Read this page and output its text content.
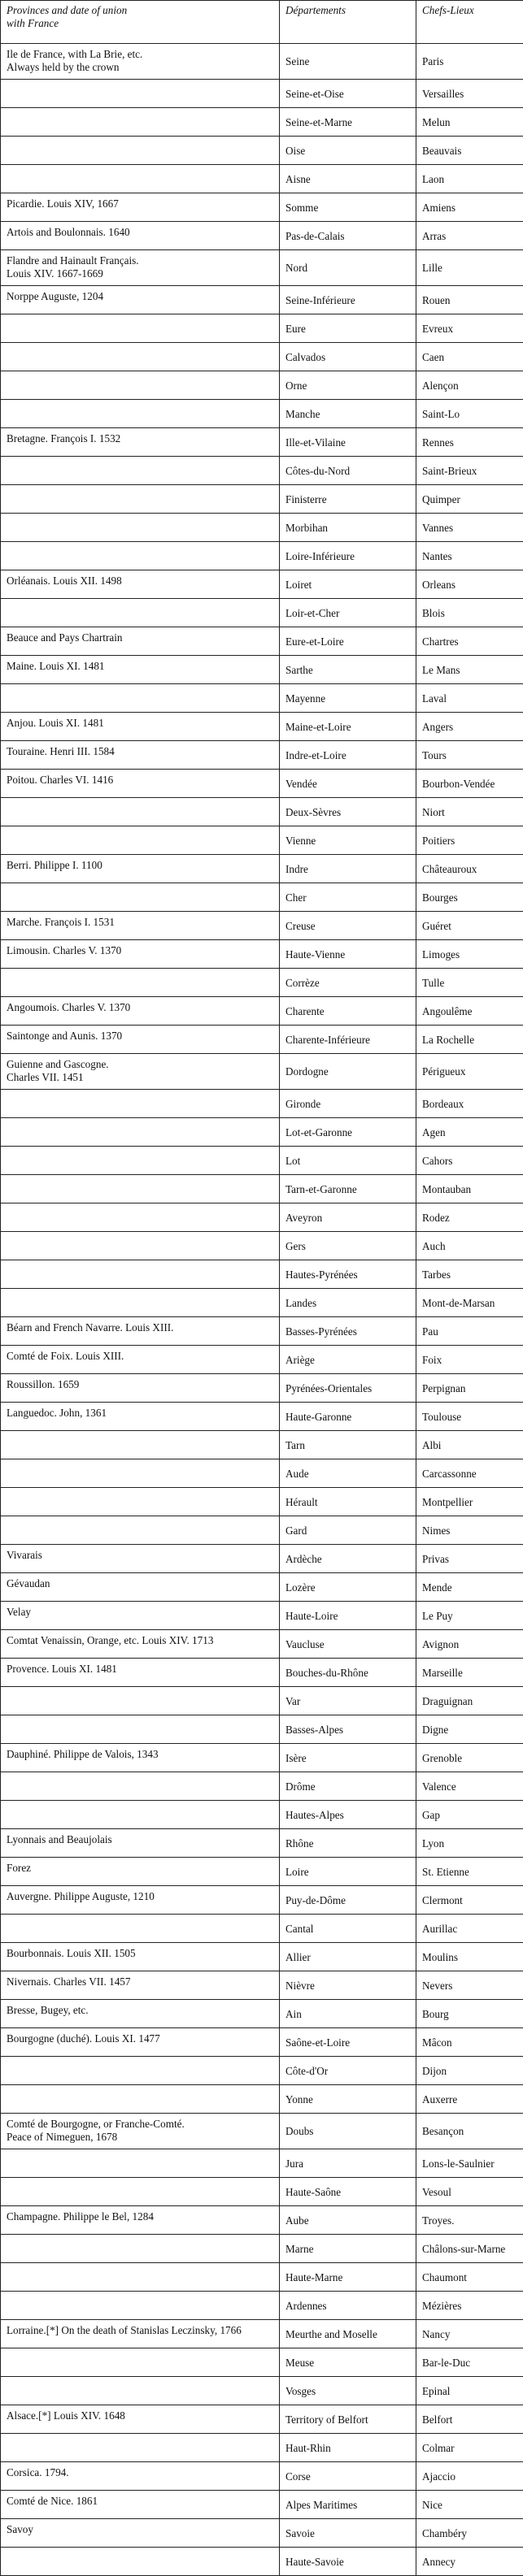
Provinces and date of union
with France	Départements	Chefs-Lieux
Ile de France, with La Brie, etc.
Always held by the crown	Seine	Paris
	Seine-et-Oise	Versailles
	Seine-et-Marne	Melun
	Oise	Beauvais
	Aisne	Laon
Picardie. Louis XIV, 1667	Somme	Amiens
Artois and Boulonnais. 1640	Pas-de-Calais	Arras
Flandre and Hainault Français.
Louis XIV. 1667-1669	Nord	Lille
Norppe Auguste, 1204	Seine-Inférieure	Rouen
	Eure	Evreux
	Calvados	Caen
	Orne	Alençon
	Manche	Saint-Lo
Bretagne. François I. 1532	Ille-et-Vilaine	Rennes
	Côtes-du-Nord	Saint-Brieux
	Finisterre	Quimper
	Morbihan	Vannes
	Loire-Inférieure	Nantes
Orléanais. Louis XII. 1498	Loiret	Orleans
	Loir-et-Cher	Blois
Beauce and Pays Chartrain	Eure-et-Loire	Chartres
Maine. Louis XI. 1481	Sarthe	Le Mans
	Mayenne	Laval
Anjou. Louis XI. 1481	Maine-et-Loire	Angers
Touraine. Henri III. 1584	Indre-et-Loire	Tours
Poitou. Charles VI. 1416	Vendée	Bourbon-Vendée
	Deux-Sèvres	Niort
	Vienne	Poitiers
Berri. Philippe I. 1100	Indre	Châteauroux
	Cher	Bourges
Marche. François I. 1531	Creuse	Guéret
Limousin. Charles V. 1370	Haute-Vienne	Limoges
	Corrèze	Tulle
Angoumois. Charles V. 1370	Charente	Angoulême
Saintonge and Aunis. 1370	Charente-Inférieure	La Rochelle
Guienne and Gascogne.
Charles VII. 1451	Dordogne	Périgueux
	Gironde	Bordeaux
	Lot-et-Garonne	Agen
	Lot	Cahors
	Tarn-et-Garonne	Montauban
	Aveyron	Rodez
	Gers	Auch
	Hautes-Pyrénées	Tarbes
	Landes	Mont-de-Marsan
Béarn and French Navarre. Louis XIII.	Basses-Pyrénées	Pau
Comté de Foix. Louis XIII.	Ariège	Foix
Roussillon. 1659	Pyrénées-Orientales	Perpignan
Languedoc. John, 1361	Haute-Garonne	Toulouse
	Tarn	Albi
	Aude	Carcassonne
	Hérault	Montpellier
	Gard	Nimes
Vivarais	Ardèche	Privas
Gévaudan	Lozère	Mende
Velay	Haute-Loire	Le Puy
Comtat Venaissin, Orange, etc. Louis XIV. 1713	Vaucluse	Avignon
Provence. Louis XI. 1481	Bouches-du-Rhône	Marseille
	Var	Draguignan
	Basses-Alpes	Digne
Dauphiné. Philippe de Valois, 1343	Isère	Grenoble
	Drôme	Valence
	Hautes-Alpes	Gap
Lyonnais and Beaujolais	Rhône	Lyon
Forez	Loire	St. Etienne
Auvergne. Philippe Auguste, 1210	Puy-de-Dôme	Clermont
	Cantal	Aurillac
Bourbonnais. Louis XII. 1505	Allier	Moulins
Nivernais. Charles VII. 1457	Nièvre	Nevers
Bresse, Bugey, etc.	Ain	Bourg
Bourgogne (duché). Louis XI. 1477	Saône-et-Loire	Mâcon
	Côte-d'Or	Dijon
	Yonne	Auxerre
Comté de Bourgogne, or Franche-Comté.
Peace of Nimeguen, 1678	Doubs	Besançon
	Jura	Lons-le-Saulnier
	Haute-Saône	Vesoul
Champagne. Philippe le Bel, 1284	Aube	Troyes.
	Marne	Châlons-sur-Marne
	Haute-Marne	Chaumont
	Ardennes	Mézières
Lorraine.[*] On the death of Stanislas Leczinsky, 1766	Meurthe and Moselle	Nancy
	Meuse	Bar-le-Duc
	Vosges	Epinal
Alsace.[*] Louis XIV. 1648	Territory of Belfort	Belfort
	Haut-Rhin	Colmar
Corsica. 1794.	Corse	Ajaccio
Comté de Nice. 1861	Alpes Maritimes	Nice
Savoy	Savoie	Chambéry
	Haute-Savoie	Annecy
